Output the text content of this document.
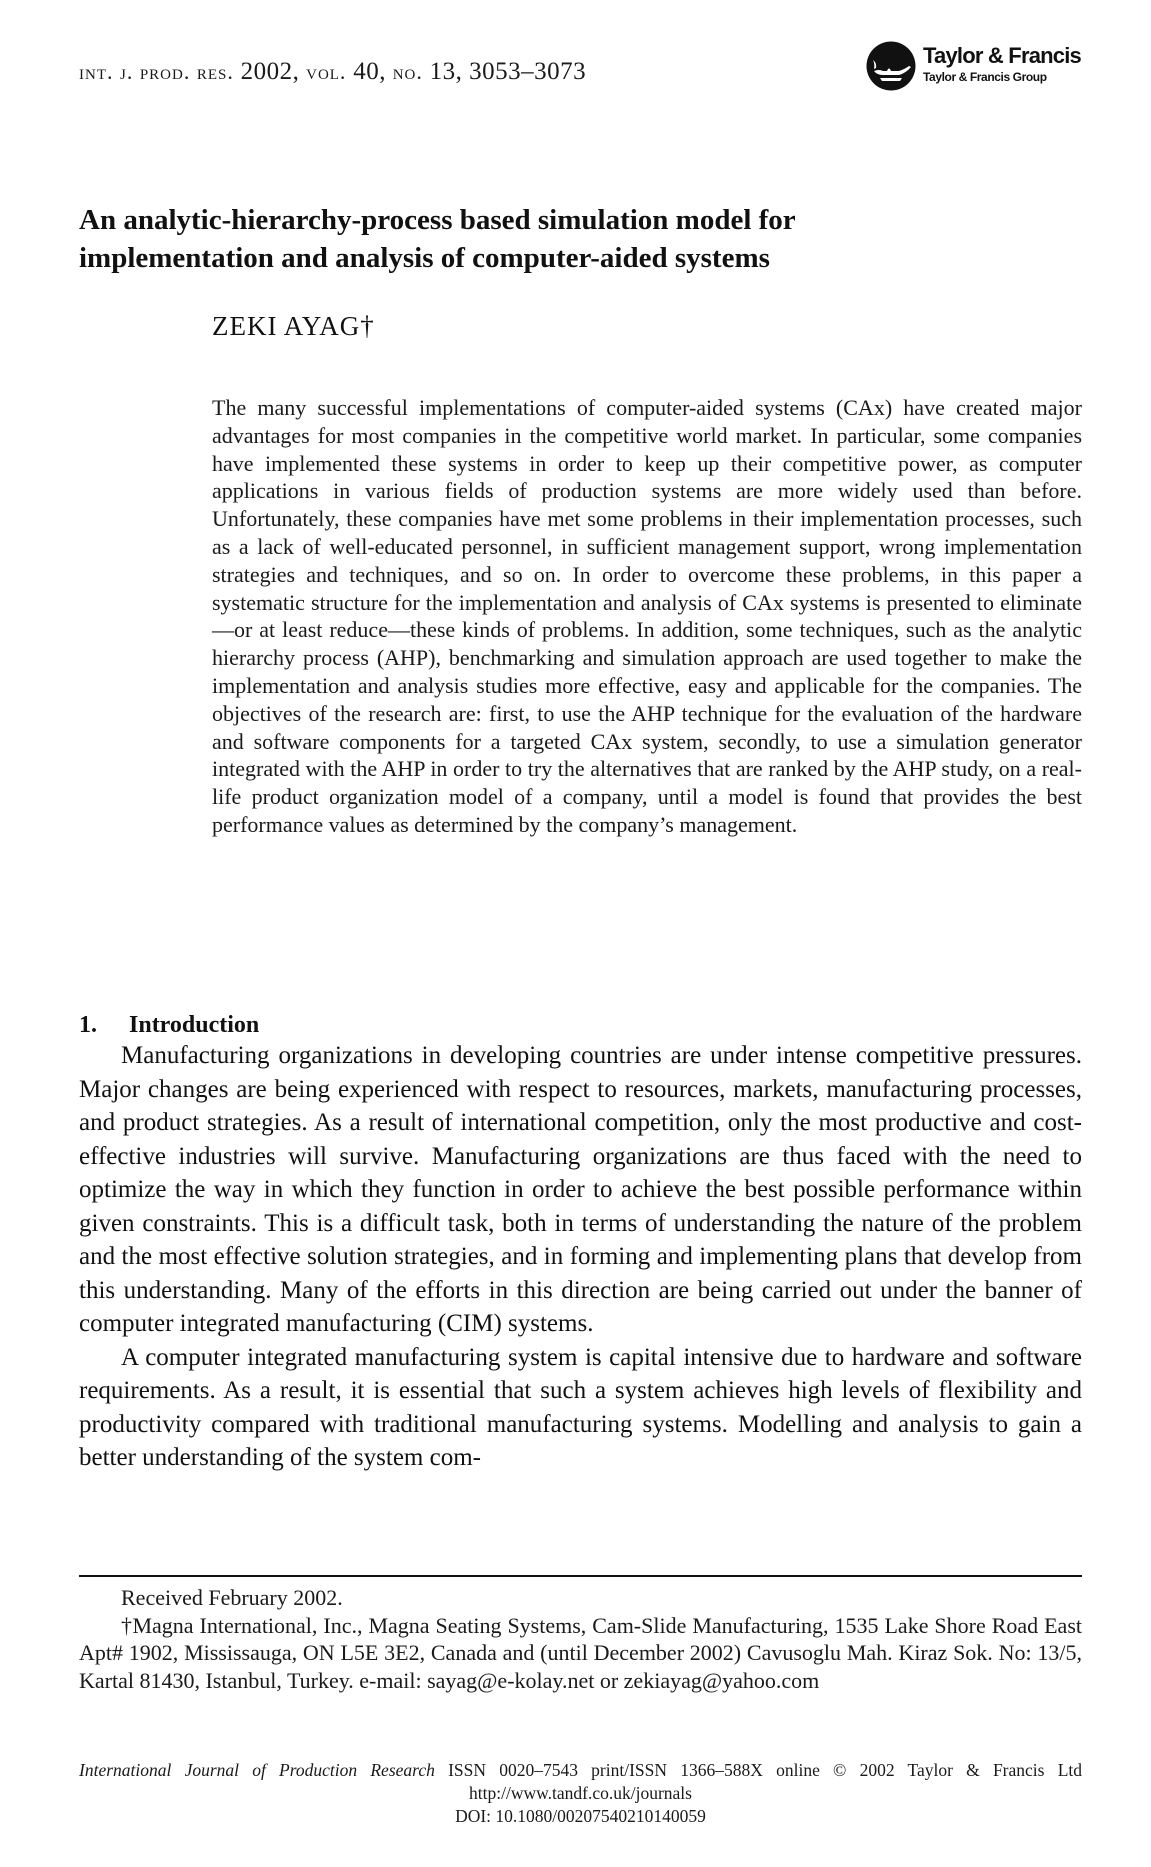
int. j. prod. res. 2002, vol. 40, no. 13, 3053–3073
Taylor & Francis
Taylor & Francis Group
An analytic-hierarchy-process based simulation model for
implementation and analysis of computer-aided systems
ZEKI AYAG†
The many successful implementations of computer-aided systems (CAx) have created major advantages for most companies in the competitive world market. In particular, some companies have implemented these systems in order to keep up their competitive power, as computer applications in various fields of production systems are more widely used than before. Unfortunately, these companies have met some problems in their implementation processes, such as a lack of well-educated personnel, in sufficient management support, wrong implementation strategies and techniques, and so on. In order to overcome these problems, in this paper a systematic structure for the implementation and analysis of CAx systems is presented to eliminate—or at least reduce—these kinds of problems. In addition, some techniques, such as the analytic hierarchy process (AHP), benchmarking and simulation approach are used together to make the implementation and analysis studies more effective, easy and applicable for the companies. The objectives of the research are: first, to use the AHP technique for the evaluation of the hardware and software components for a targeted CAx system, secondly, to use a simulation generator integrated with the AHP in order to try the alternatives that are ranked by the AHP study, on a real-life product organization model of a company, until a model is found that provides the best performance values as determined by the company’s management.
1. Introduction

Manufacturing organizations in developing countries are under intense competitive pressures. Major changes are being experienced with respect to resources, markets, manufacturing processes, and product strategies. As a result of international competition, only the most productive and cost-effective industries will survive. Manufacturing organizations are thus faced with the need to optimize the way in which they function in order to achieve the best possible performance within given constraints. This is a difficult task, both in terms of understanding the nature of the problem and the most effective solution strategies, and in forming and implementing plans that develop from this understanding. Many of the efforts in this direction are being carried out under the banner of computer integrated manufacturing (CIM) systems.

A computer integrated manufacturing system is capital intensive due to hardware and software requirements. As a result, it is essential that such a system achieves high levels of flexibility and productivity compared with traditional manufacturing systems. Modelling and analysis to gain a better understanding of the system com-

Received February 2002.

†Magna International, Inc., Magna Seating Systems, Cam-Slide Manufacturing, 1535 Lake Shore Road East Apt# 1902, Mississauga, ON L5E 3E2, Canada and (until December 2002) Cavusoglu Mah. Kiraz Sok. No: 13/5, Kartal 81430, Istanbul, Turkey. e-mail: sayag@e-kolay.net or zekiayag@yahoo.com

International Journal of Production Research ISSN 0020–7543 print/ISSN 1366–588X online © 2002 Taylor & Francis Ltd
http://www.tandf.co.uk/journals
DOI: 10.1080/00207540210140059
